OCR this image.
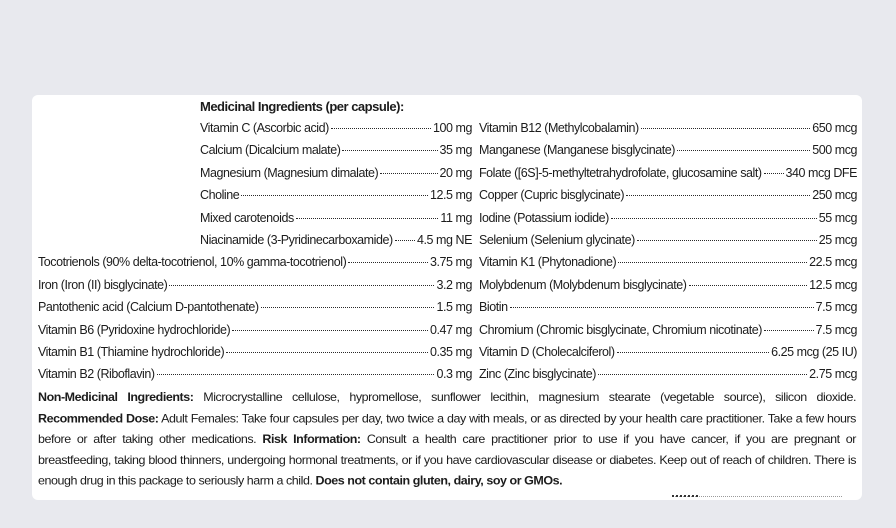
Medicinal Ingredients (per capsule):
Vitamin C (Ascorbic acid)	100 mg
Calcium (Dicalcium malate)	35 mg
Magnesium (Magnesium dimalate)	20 mg
Choline	12.5 mg
Mixed carotenoids	11 mg
Niacinamide (3-Pyridinecarboxamide) 4.5 mg NE
Tocotrienols (90% delta-tocotrienol, 10% gamma-tocotrienol)	3.75 mg
Iron (Iron (II) bisglycinate)	3.2 mg
Pantothenic acid (Calcium D-pantothenate)	1.5 mg
Vitamin B6 (Pyridoxine hydrochloride)	0.47 mg
Vitamin B1 (Thiamine hydrochloride)	0.35 mg
Vitamin B2 (Riboflavin)	0.3 mg
Vitamin B12 (Methylcobalamin)	650 mcg
Manganese (Manganese bisglycinate)	500 mcg
Folate ([6S]-5-methyltetrahydrofolate, glucosamine salt) 340 mcg DFE
Copper (Cupric bisglycinate)	250 mcg
Iodine (Potassium iodide)	55 mcg
Selenium (Selenium glycinate)	25 mcg
Vitamin K1 (Phytonadione)	22.5 mcg
Molybdenum (Molybdenum bisglycinate)	12.5 mcg
Biotin	7.5 mcg
Chromium (Chromic bisglycinate, Chromium nicotinate)	7.5 mcg
Vitamin D (Cholecalciferol)	6.25 mcg (25 IU)
Zinc (Zinc bisglycinate)	2.75 mcg
Non-Medicinal Ingredients: Microcrystalline cellulose, hypromellose, sunflower lecithin, magnesium stearate (vegetable source), silicon dioxide. Recommended Dose: Adult Females: Take four capsules per day, two twice a day with meals, or as directed by your health care practitioner. Take a few hours before or after taking other medications. Risk Information: Consult a health care practitioner prior to use if you have cancer, if you are pregnant or breastfeeding, taking blood thinners, undergoing hormonal treatments, or if you have cardiovascular disease or diabetes. Keep out of reach of children. There is enough drug in this package to seriously harm a child. Does not contain gluten, dairy, soy or GMOs.
